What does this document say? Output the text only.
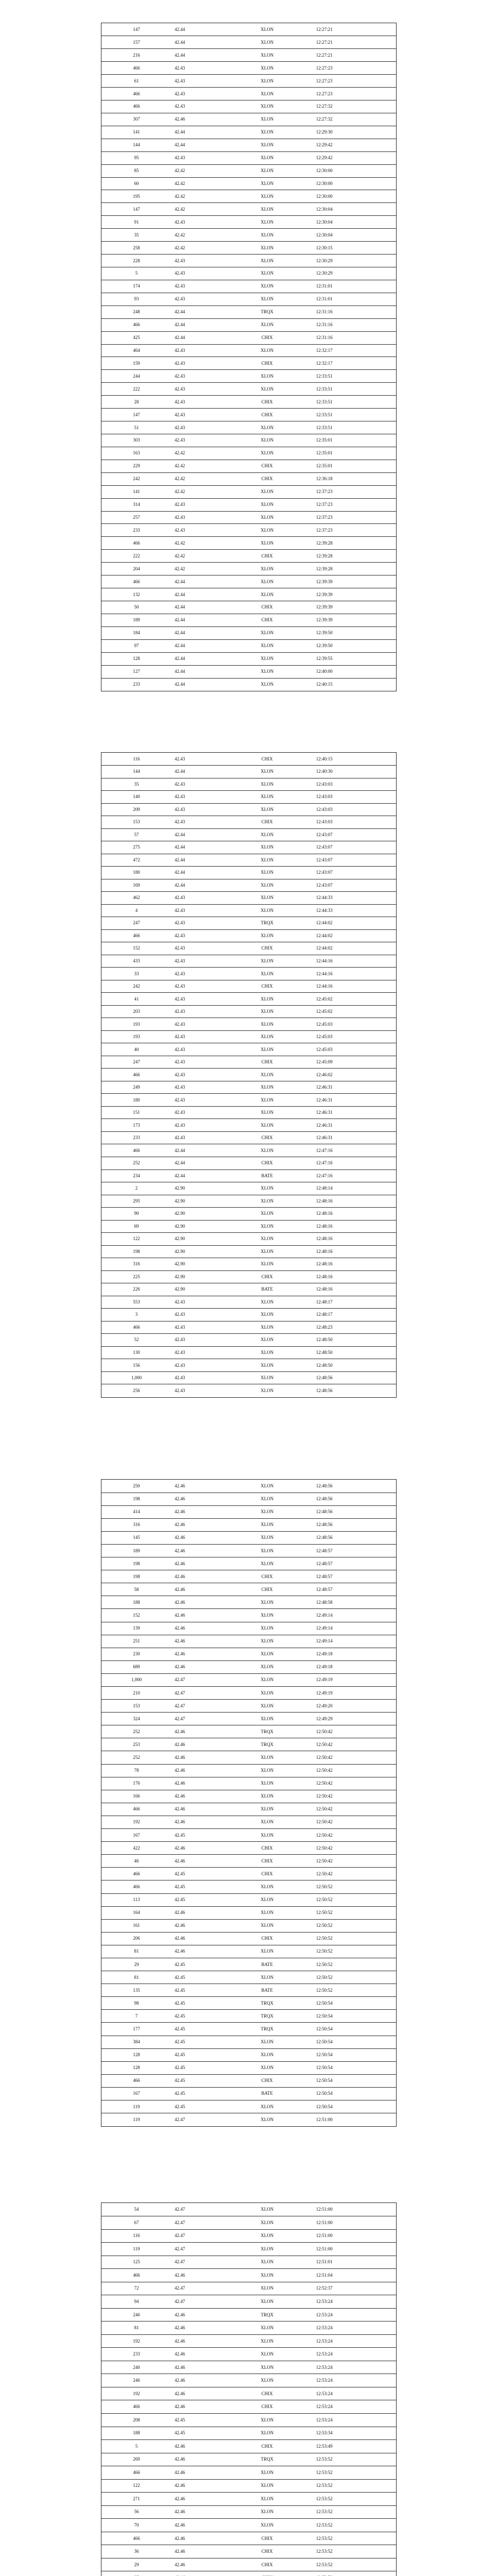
147	42.44	XLON	12:27:21
157	42.44	XLON	12:27:21
216	42.44	XLON	12:27:21
466	42.43	XLON	12:27:23
61	42.43	XLON	12:27:23
466	42.43	XLON	12:27:23
466	42.43	XLON	12:27:32
307	42.46	XLON	12:27:32
141	42.44	XLON	12:29:30
144	42.44	XLON	12:29:42
95	42.43	XLON	12:29:42
85	42.42	XLON	12:30:00
60	42.42	XLON	12:30:00
195	42.42	XLON	12:30:00
147	42.42	XLON	12:30:04
91	42.43	XLON	12:30:04
35	42.42	XLON	12:30:04
258	42.42	XLON	12:30:15
228	42.43	XLON	12:30:29
5	42.43	XLON	12:30:29
174	42.43	XLON	12:31:01
93	42.43	XLON	12:31:01
248	42.44	TRQX	12:31:16
466	42.44	XLON	12:31:16
425	42.44	CHIX	12:31:16
464	42.43	XLON	12:32:17
159	42.43	CHIX	12:32:17
244	42.43	XLON	12:33:51
222	42.43	XLON	12:33:51
28	42.43	CHIX	12:33:51
147	42.43	CHIX	12:33:51
51	42.43	XLON	12:33:51
303	42.43	XLON	12:35:01
163	42.42	XLON	12:35:01
229	42.42	CHIX	12:35:01
242	42.42	CHIX	12:36:18
141	42.42	XLON	12:37:23
314	42.43	XLON	12:37:23
257	42.43	XLON	12:37:23
233	42.43	XLON	12:37:23
466	42.42	XLON	12:39:28
222	42.42	CHIX	12:39:28
204	42.42	XLON	12:39:28
466	42.44	XLON	12:39:39
132	42.44	XLON	12:39:39
50	42.44	CHIX	12:39:39
189	42.44	CHIX	12:39:39
184	42.44	XLON	12:39:50
97	42.44	XLON	12:39:50
128	42.44	XLON	12:39:55
127	42.44	XLON	12:40:00
233	42.44	XLON	12:40:15
116	42.43	CHIX	12:40:15
144	42.44	XLON	12:40:30
35	42.43	XLON	12:43:03
140	42.43	XLON	12:43:03
209	42.43	XLON	12:43:03
153	42.43	CHIX	12:43:03
57	42.44	XLON	12:43:07
275	42.44	XLON	12:43:07
472	42.44	XLON	12:43:07
180	42.44	XLON	12:43:07
169	42.44	XLON	12:43:07
462	42.43	XLON	12:44:33
4	42.43	XLON	12:44:33
247	42.43	TRQX	12:44:02
466	42.43	XLON	12:44:02
152	42.43	CHIX	12:44:02
433	42.43	XLON	12:44:16
33	42.43	XLON	12:44:16
242	42.43	CHIX	12:44:16
41	42.43	XLON	12:45:02
203	42.43	XLON	12:45:02
193	42.43	XLON	12:45:03
193	42.43	XLON	12:45:03
40	42.43	XLON	12:45:03
247	42.43	CHIX	12:45:09
466	42.43	XLON	12:46:02
249	42.43	XLON	12:46:31
180	42.43	XLON	12:46:31
151	42.43	XLON	12:46:31
173	42.43	XLON	12:46:31
233	42.43	CHIX	12:46:31
466	42.44	XLON	12:47:16
252	42.44	CHIX	12:47:16
234	42.44	BATE	12:47:16
2	42.90	XLON	12:48:14
295	42.90	XLON	12:48:16
90	42.90	XLON	12:48:16
69	42.90	XLON	12:48:16
122	42.90	XLON	12:48:16
198	42.90	XLON	12:48:16
316	42.90	XLON	12:48:16
225	42.90	CHIX	12:48:16
226	42.90	BATE	12:48:16
553	42.43	XLON	12:48:17
3	42.43	XLON	12:48:17
466	42.43	XLON	12:48:23
52	42.43	XLON	12:48:50
130	42.43	XLON	12:48:50
156	42.43	XLON	12:48:50
1,000	42.43	XLON	12:48:56
256	42.43	XLON	12:48:56
250	42.46	XLON	12:48:56
198	42.46	XLON	12:48:56
414	42.46	XLON	12:48:56
316	42.46	XLON	12:48:56
145	42.46	XLON	12:48:56
189	42.46	XLON	12:48:57
198	42.46	XLON	12:48:57
198	42.46	CHIX	12:48:57
58	42.46	CHIX	12:48:57
188	42.46	XLON	12:48:58
152	42.46	XLON	12:49:14
139	42.46	XLON	12:49:14
251	42.46	XLON	12:49:14
230	42.46	XLON	12:49:18
689	42.46	XLON	12:49:18
1,000	42.47	XLON	12:49:19
210	42.47	XLON	12:49:19
153	42.47	XLON	12:49:20
324	42.47	XLON	12:49:29
252	42.46	TRQX	12:50:42
253	42.46	TRQX	12:50:42
252	42.46	XLON	12:50:42
78	42.46	XLON	12:50:42
176	42.46	XLON	12:50:42
166	42.46	XLON	12:50:42
466	42.46	XLON	12:50:42
192	42.46	XLON	12:50:42
167	42.45	XLON	12:50:42
422	42.46	CHIX	12:50:42
46	42.46	CHIX	12:50:42
466	42.45	CHIX	12:50:42
466	42.45	XLON	12:50:52
113	42.45	XLON	12:50:52
164	42.46	XLON	12:50:52
161	42.46	XLON	12:50:52
206	42.46	CHIX	12:50:52
81	42.46	XLON	12:50:52
29	42.45	BATE	12:50:52
81	42.45	XLON	12:50:52
135	42.45	BATE	12:50:52
98	42.45	TRQX	12:50:54
7	42.45	TRQX	12:50:54
177	42.45	TRQX	12:50:54
384	42.45	XLON	12:50:54
128	42.45	XLON	12:50:54
128	42.45	XLON	12:50:54
466	42.45	CHIX	12:50:54
167	42.45	BATE	12:50:54
119	42.45	XLON	12:50:54
119	42.47	XLON	12:51:00
54	42.47	XLON	12:51:00
67	42.47	XLON	12:51:00
116	42.47	XLON	12:51:00
119	42.47	XLON	12:51:00
125	42.47	XLON	12:51:01
466	42.46	XLON	12:51:04
72	42.47	XLON	12:52:37
94	42.47	XLON	12:53:24
246	42.46	TRQX	12:53:24
81	42.46	XLON	12:53:24
192	42.46	XLON	12:53:24
233	42.46	XLON	12:53:24
240	42.46	XLON	12:53:24
246	42.46	XLON	12:53:24
192	42.46	CHIX	12:53:24
466	42.46	CHIX	12:53:24
208	42.45	XLON	12:53:24
188	42.45	XLON	12:53:34
5	42.46	CHIX	12:53:49
269	42.46	TRQX	12:53:52
466	42.46	XLON	12:53:52
122	42.46	XLON	12:53:52
271	42.46	XLON	12:53:52
56	42.46	XLON	12:53:52
70	42.46	XLON	12:53:52
466	42.46	CHIX	12:53:52
36	42.46	CHIX	12:53:52
29	42.46	CHIX	12:53:52
